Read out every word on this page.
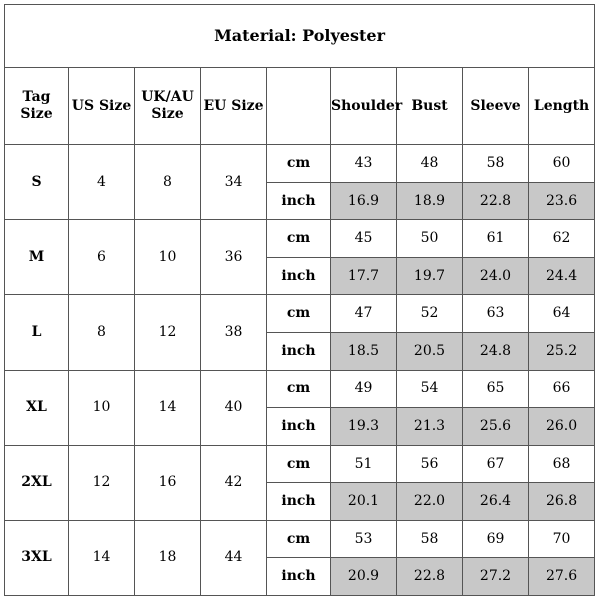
Material: Polyester								
Tag Size	US Size	UK/AU Size	EU Size		Shoulder	Bust	Sleeve	Length
S	4	8	34	cm	43	48	58	60
				inch	16.9	18.9	22.8	23.6
M	6	10	36	cm	45	50	61	62
				inch	17.7	19.7	24.0	24.4
L	8	12	38	cm	47	52	63	64
				inch	18.5	20.5	24.8	25.2
XL	10	14	40	cm	49	54	65	66
				inch	19.3	21.3	25.6	26.0
2XL	12	16	42	cm	51	56	67	68
				inch	20.1	22.0	26.4	26.8
3XL	14	18	44	cm	53	58	69	70
				inch	20.9	22.8	27.2	27.6
